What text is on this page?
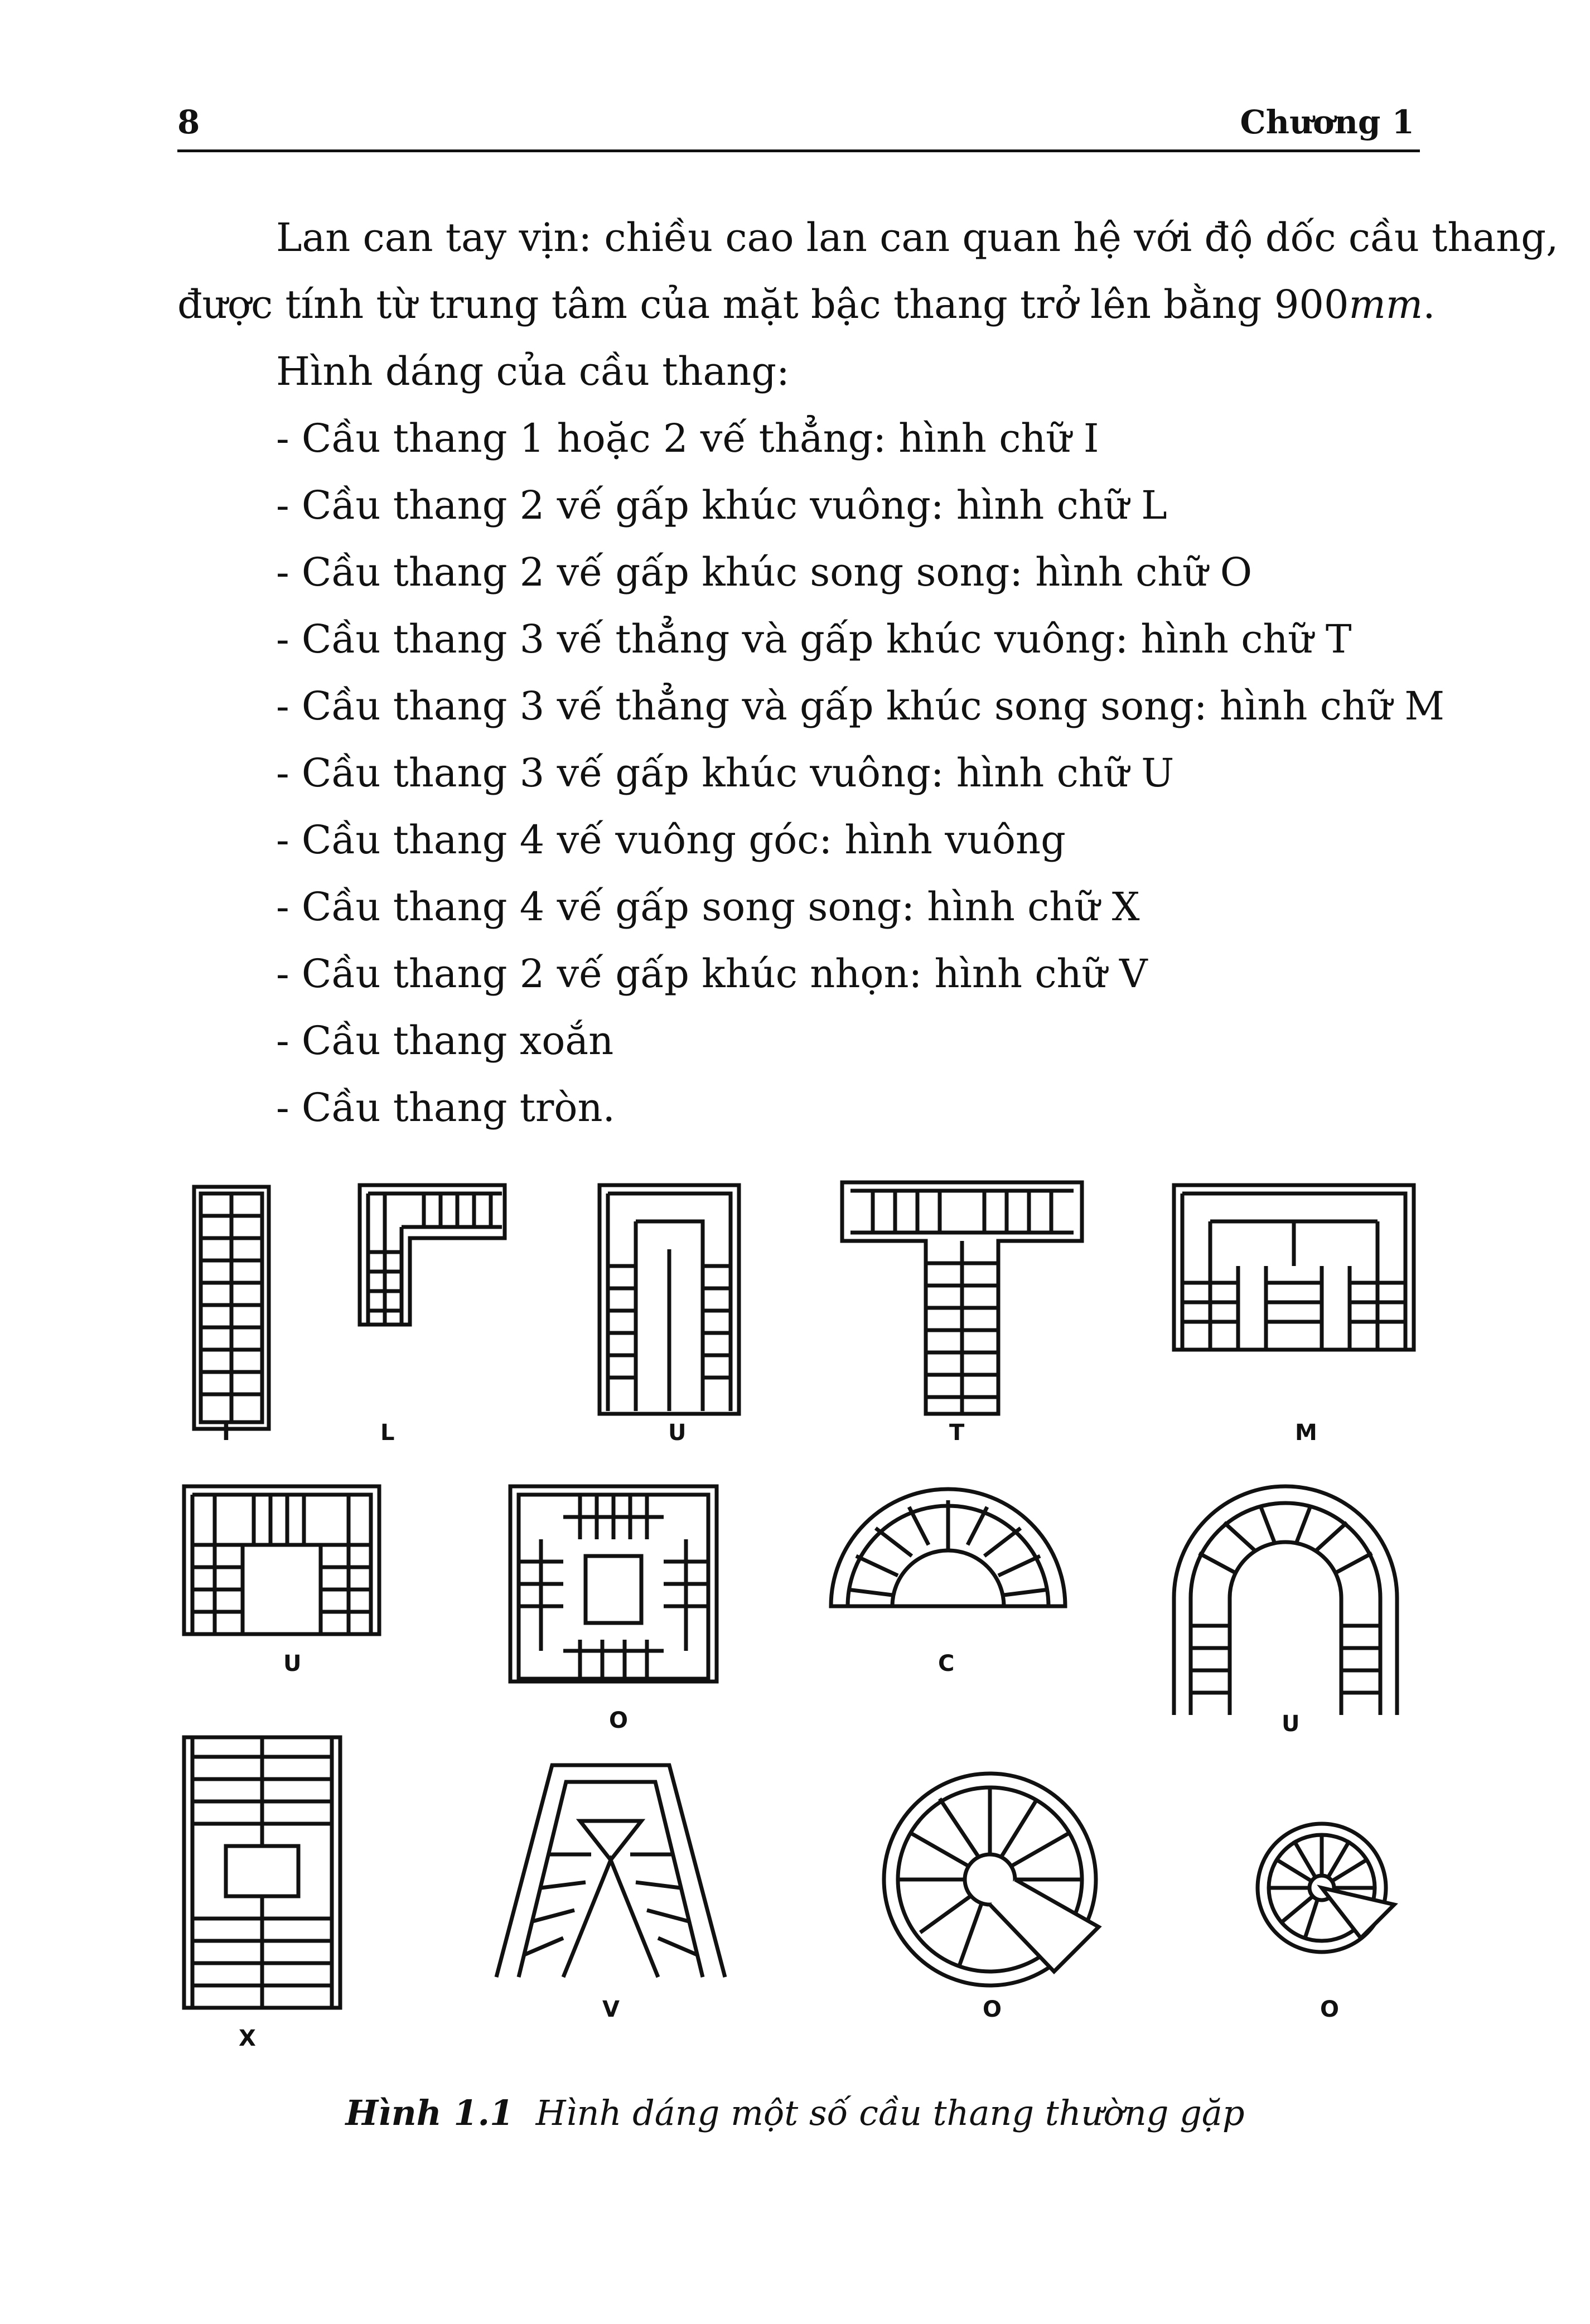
8	Chương 1
Lan can tay vịn: chiều cao lan can quan hệ với độ dốc cầu thang,
được tính từ trung tâm của mặt bậc thang trở lên bằng 900mm.
Hình dáng của cầu thang:
- Cầu thang 1 hoặc 2 vế thẳng: hình chữ I
- Cầu thang 2 vế gấp khúc vuông: hình chữ L
- Cầu thang 2 vế gấp khúc song song: hình chữ O
- Cầu thang 3 vế thẳng và gấp khúc vuông: hình chữ T
- Cầu thang 3 vế thẳng và gấp khúc song song: hình chữ M
- Cầu thang 3 vế gấp khúc vuông: hình chữ U
- Cầu thang 4 vế vuông góc: hình vuông
- Cầu thang 4 vế gấp song song: hình chữ X
- Cầu thang 2 vế gấp khúc nhọn: hình chữ V
- Cầu thang xoắn
- Cầu thang tròn.
I	L	U	T	M
U
O
C
U
X
V	O	O
Hình 1.1 Hình dáng một số cầu thang thường gặp
